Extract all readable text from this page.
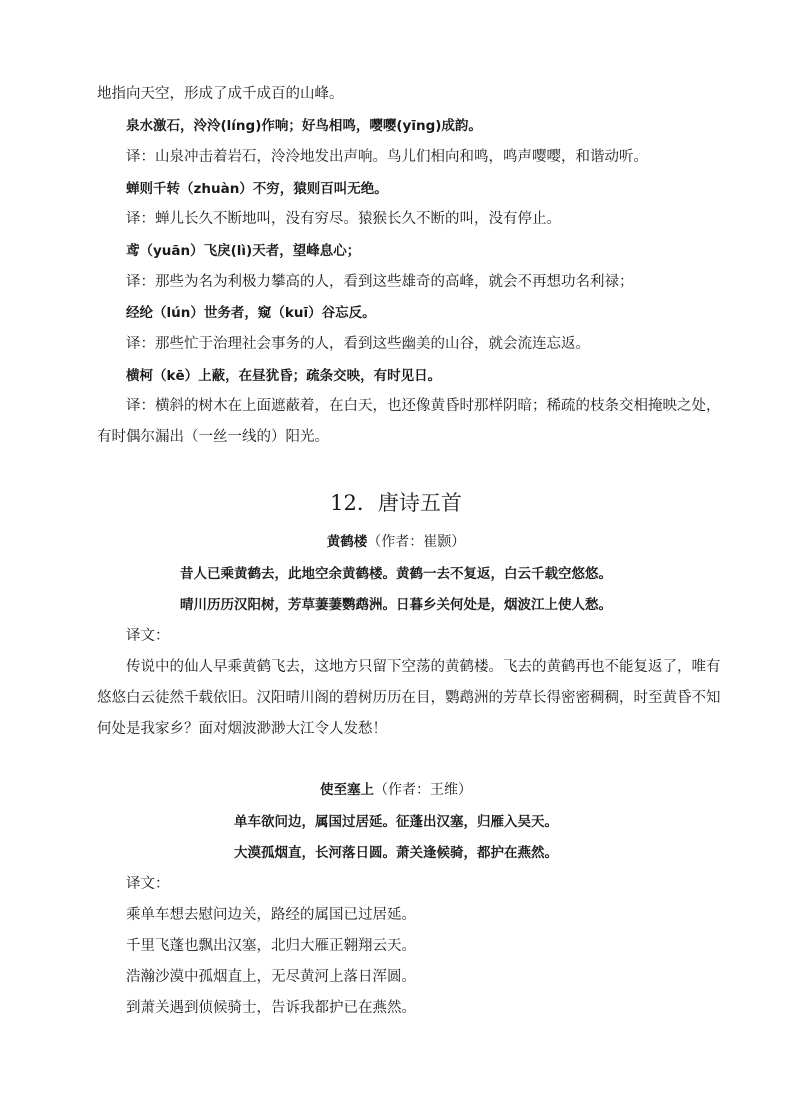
地指向天空，形成了成千成百的山峰。
泉水激石，泠泠(líng)作响；好鸟相鸣，嘤嘤(yīng)成韵。
译：山泉冲击着岩石，泠泠地发出声响。鸟儿们相向和鸣，鸣声嘤嘤，和谐动听。
蝉则千转（zhuàn）不穷，猿则百叫无绝。
译：蝉儿长久不断地叫，没有穷尽。猿猴长久不断的叫，没有停止。
鸢（yuān）飞戾(lì)天者，望峰息心；
译：那些为名为利极力攀高的人，看到这些雄奇的高峰，就会不再想功名利禄；
经纶（lún）世务者，窥（kuī）谷忘反。
译：那些忙于治理社会事务的人，看到这些幽美的山谷，就会流连忘返。
横柯（kē）上蔽，在昼犹昏；疏条交映，有时见日。
译：横斜的树木在上面遮蔽着，在白天，也还像黄昏时那样阴暗；稀疏的枝条交相掩映之处，
有时偶尔漏出（一丝一线的）阳光。
12．唐诗五首
黄鹤楼（作者：崔颢）
昔人已乘黄鹤去，此地空余黄鹤楼。黄鹤一去不复返，白云千载空悠悠。
晴川历历汉阳树，芳草萋萋鹦鹉洲。日暮乡关何处是，烟波江上使人愁。
译文：
传说中的仙人早乘黄鹤飞去，这地方只留下空荡的黄鹤楼。飞去的黄鹤再也不能复返了，唯有
悠悠白云徒然千载依旧。汉阳晴川阁的碧树历历在目，鹦鹉洲的芳草长得密密稠稠，时至黄昏不知
何处是我家乡？面对烟波渺渺大江令人发愁！
使至塞上（作者：王维）
单车欲问边，属国过居延。征蓬出汉塞，归雁入吴天。
大漠孤烟直，长河落日圆。萧关逢候骑，都护在燕然。
译文：
乘单车想去慰问边关，路经的属国已过居延。
千里飞蓬也飘出汉塞，北归大雁正翱翔云天。
浩瀚沙漠中孤烟直上，无尽黄河上落日浑圆。
到萧关遇到侦候骑士，告诉我都护已在燕然。
